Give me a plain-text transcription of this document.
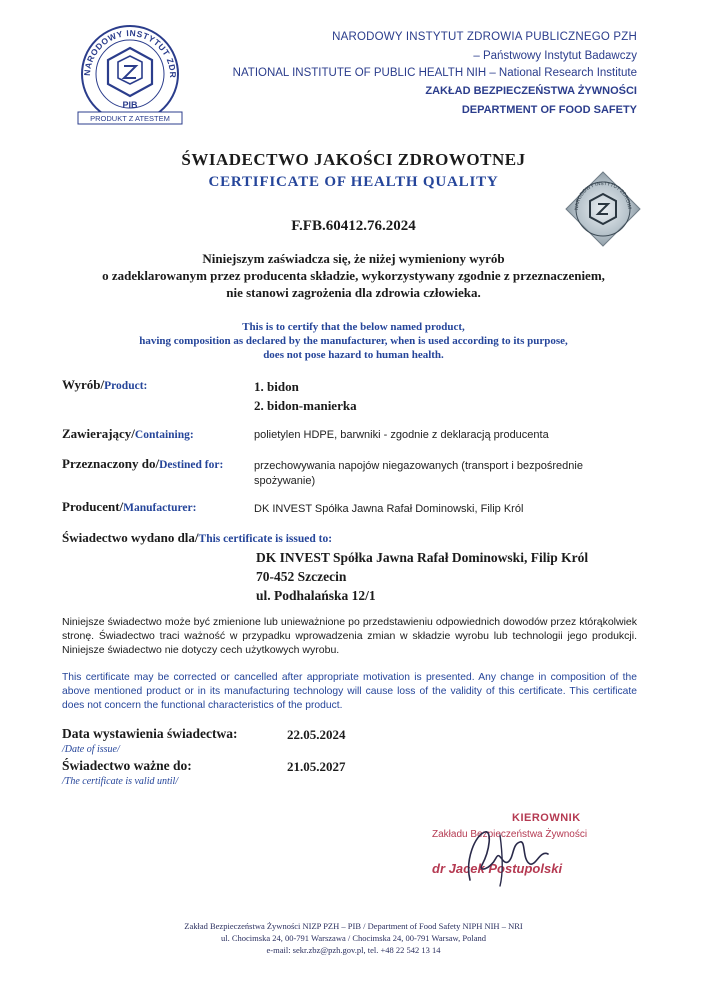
NARODOWY INSTYTUT ZDR
PIB
PRODUKT Z ATESTEM
NARODOWY INSTYTUT ZDROWIA PUBLICZNEGO PZH
– Państwowy Instytut Badawczy
NATIONAL INSTITUTE OF PUBLIC HEALTH NIH – National Research Institute
ZAKŁAD BEZPIECZEŃSTWA ŻYWNOŚCI
DEPARTMENT OF FOOD SAFETY
NARODOWY INSTYTUT ZDROWI
ŚWIADECTWO JAKOŚCI ZDROWOTNEJ
CERTIFICATE OF HEALTH QUALITY
F.FB.60412.76.2024
Niniejszym zaświadcza się, że niżej wymieniony wyrób
o zadeklarowanym przez producenta składzie, wykorzystywany zgodnie z przeznaczeniem,
nie stanowi zagrożenia dla zdrowia człowieka.
This is to certify that the below named product,
having composition as declared by the manufacturer, when is used according to its purpose,
does not pose hazard to human health.
Wyrób/Product:	1. bidon
2. bidon-manierka
Zawierający/Containing:	polietylen HDPE, barwniki - zgodnie z deklaracją producenta
Przeznaczony do/Destined for:	przechowywania napojów niegazowanych (transport i bezpośrednie
spożywanie)
Producent/Manufacturer:	DK INVEST Spółka Jawna Rafał Dominowski, Filip Król
Świadectwo wydano dla/This certificate is issued to:
DK INVEST Spółka Jawna Rafał Dominowski, Filip Król
70-452 Szczecin
ul. Podhalańska 12/1
Niniejsze świadectwo może być zmienione lub unieważnione po przedstawieniu odpowiednich dowodów przez którąkolwiek stronę. Świadectwo traci ważność w przypadku wprowadzenia zmian w składzie wyrobu lub technologii jego produkcji. Niniejsze świadectwo nie dotyczy cech użytkowych wyrobu.
This certificate may be corrected or cancelled after appropriate motivation is presented. Any change in composition of the above mentioned product or in its manufacturing technology will cause loss of the validity of this certificate. This certificate does not concern the functional characteristics of the product.
Data wystawienia świadectwa:
/Date of issue/
22.05.2024
Świadectwo ważne do:
/The certificate is valid until/
21.05.2027
KIEROWNIK
Zakładu Bezpieczeństwa Żywności
dr Jacek Postupolski
Zakład Bezpieczeństwa Żywności NIZP PZH – PIB / Department of Food Safety NIPH NIH – NRI
ul. Chocimska 24, 00-791 Warszawa / Chocimska 24, 00-791 Warsaw, Poland
e-mail: sekr.zbz@pzh.gov.pl, tel. +48 22 542 13 14
